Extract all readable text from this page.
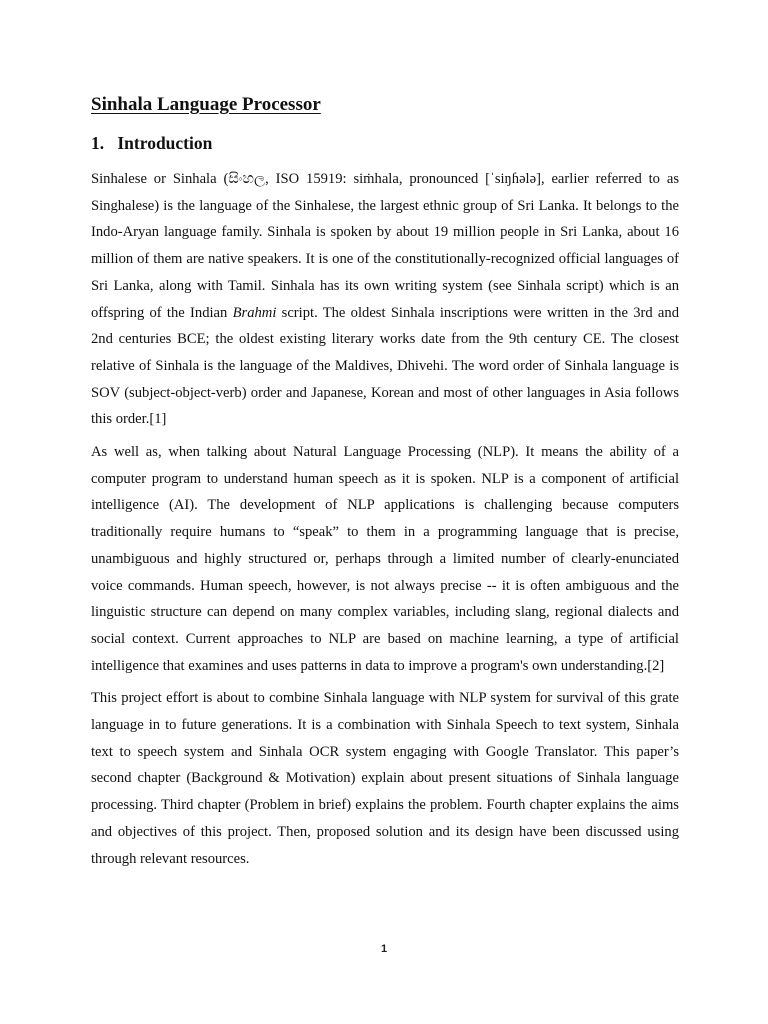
Sinhala Language Processor
1. Introduction

Sinhalese or Sinhala (සිංහල, ISO 15919: siṁhala, pronounced [ˈsiŋɦələ], earlier referred to as Singhalese) is the language of the Sinhalese, the largest ethnic group of Sri Lanka. It belongs to the Indo-Aryan language family. Sinhala is spoken by about 19 million people in Sri Lanka, about 16 million of them are native speakers. It is one of the constitutionally-recognized official languages of Sri Lanka, along with Tamil. Sinhala has its own writing system (see Sinhala script) which is an offspring of the Indian Brahmi script. The oldest Sinhala inscriptions were written in the 3rd and 2nd centuries BCE; the oldest existing literary works date from the 9th century CE. The closest relative of Sinhala is the language of the Maldives, Dhivehi. The word order of Sinhala language is SOV (subject-object-verb) order and Japanese, Korean and most of other languages in Asia follows this order.[1]

As well as, when talking about Natural Language Processing (NLP). It means the ability of a computer program to understand human speech as it is spoken. NLP is a component of artificial intelligence (AI). The development of NLP applications is challenging because computers traditionally require humans to “speak” to them in a programming language that is precise, unambiguous and highly structured or, perhaps through a limited number of clearly-enunciated voice commands. Human speech, however, is not always precise -- it is often ambiguous and the linguistic structure can depend on many complex variables, including slang, regional dialects and social context. Current approaches to NLP are based on machine learning, a type of artificial intelligence that examines and uses patterns in data to improve a program's own understanding.[2]

This project effort is about to combine Sinhala language with NLP system for survival of this grate language in to future generations. It is a combination with Sinhala Speech to text system, Sinhala text to speech system and Sinhala OCR system engaging with Google Translator. This paper’s second chapter (Background & Motivation) explain about present situations of Sinhala language processing. Third chapter (Problem in brief) explains the problem. Fourth chapter explains the aims and objectives of this project. Then, proposed solution and its design have been discussed using through relevant resources.

1
